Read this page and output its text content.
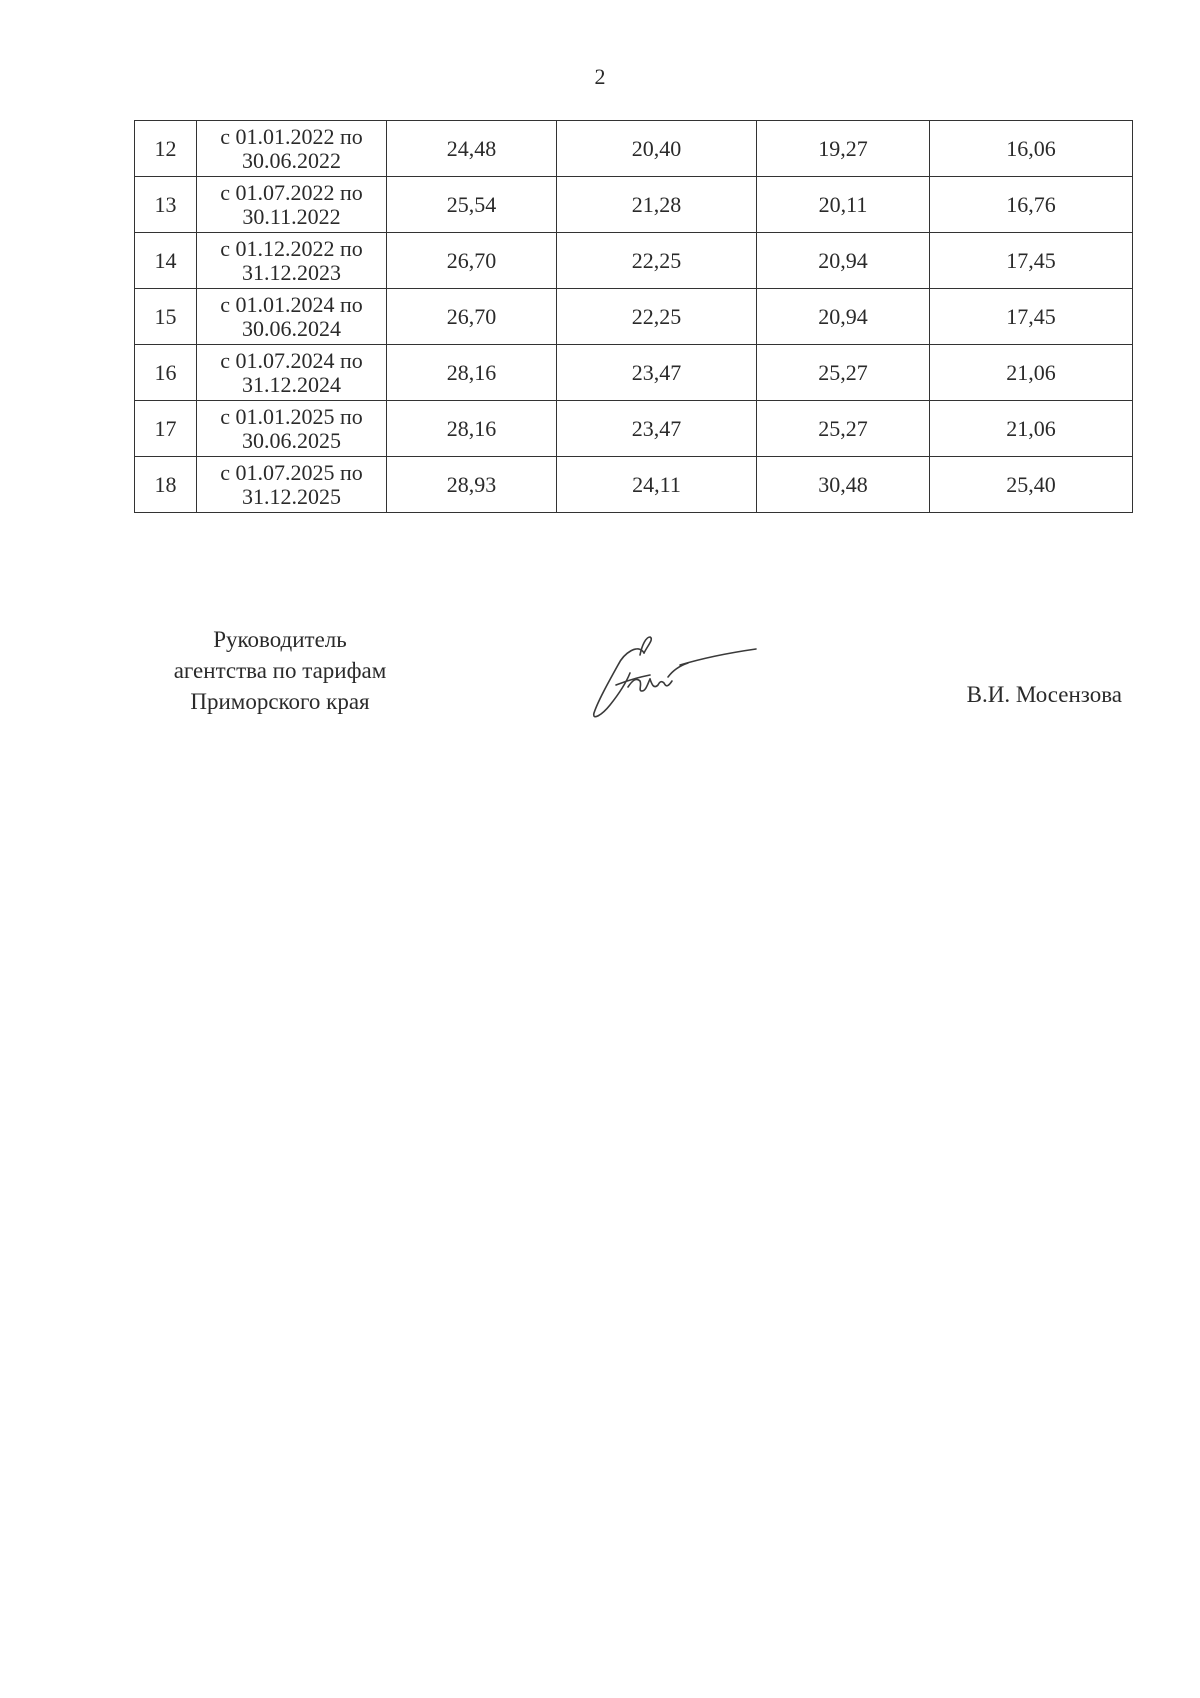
2
12	с 01.01.2022 по
30.06.2022	24,48	20,40	19,27	16,06
13	с 01.07.2022 по
30.11.2022	25,54	21,28	20,11	16,76
14	с 01.12.2022 по
31.12.2023	26,70	22,25	20,94	17,45
15	с 01.01.2024 по
30.06.2024	26,70	22,25	20,94	17,45
16	с 01.07.2024 по
31.12.2024	28,16	23,47	25,27	21,06
17	с 01.01.2025 по
30.06.2025	28,16	23,47	25,27	21,06
18	с 01.07.2025 по
31.12.2025	28,93	24,11	30,48	25,40
Руководитель
агентства по тарифам
Приморского края	В.И. Мосензова
